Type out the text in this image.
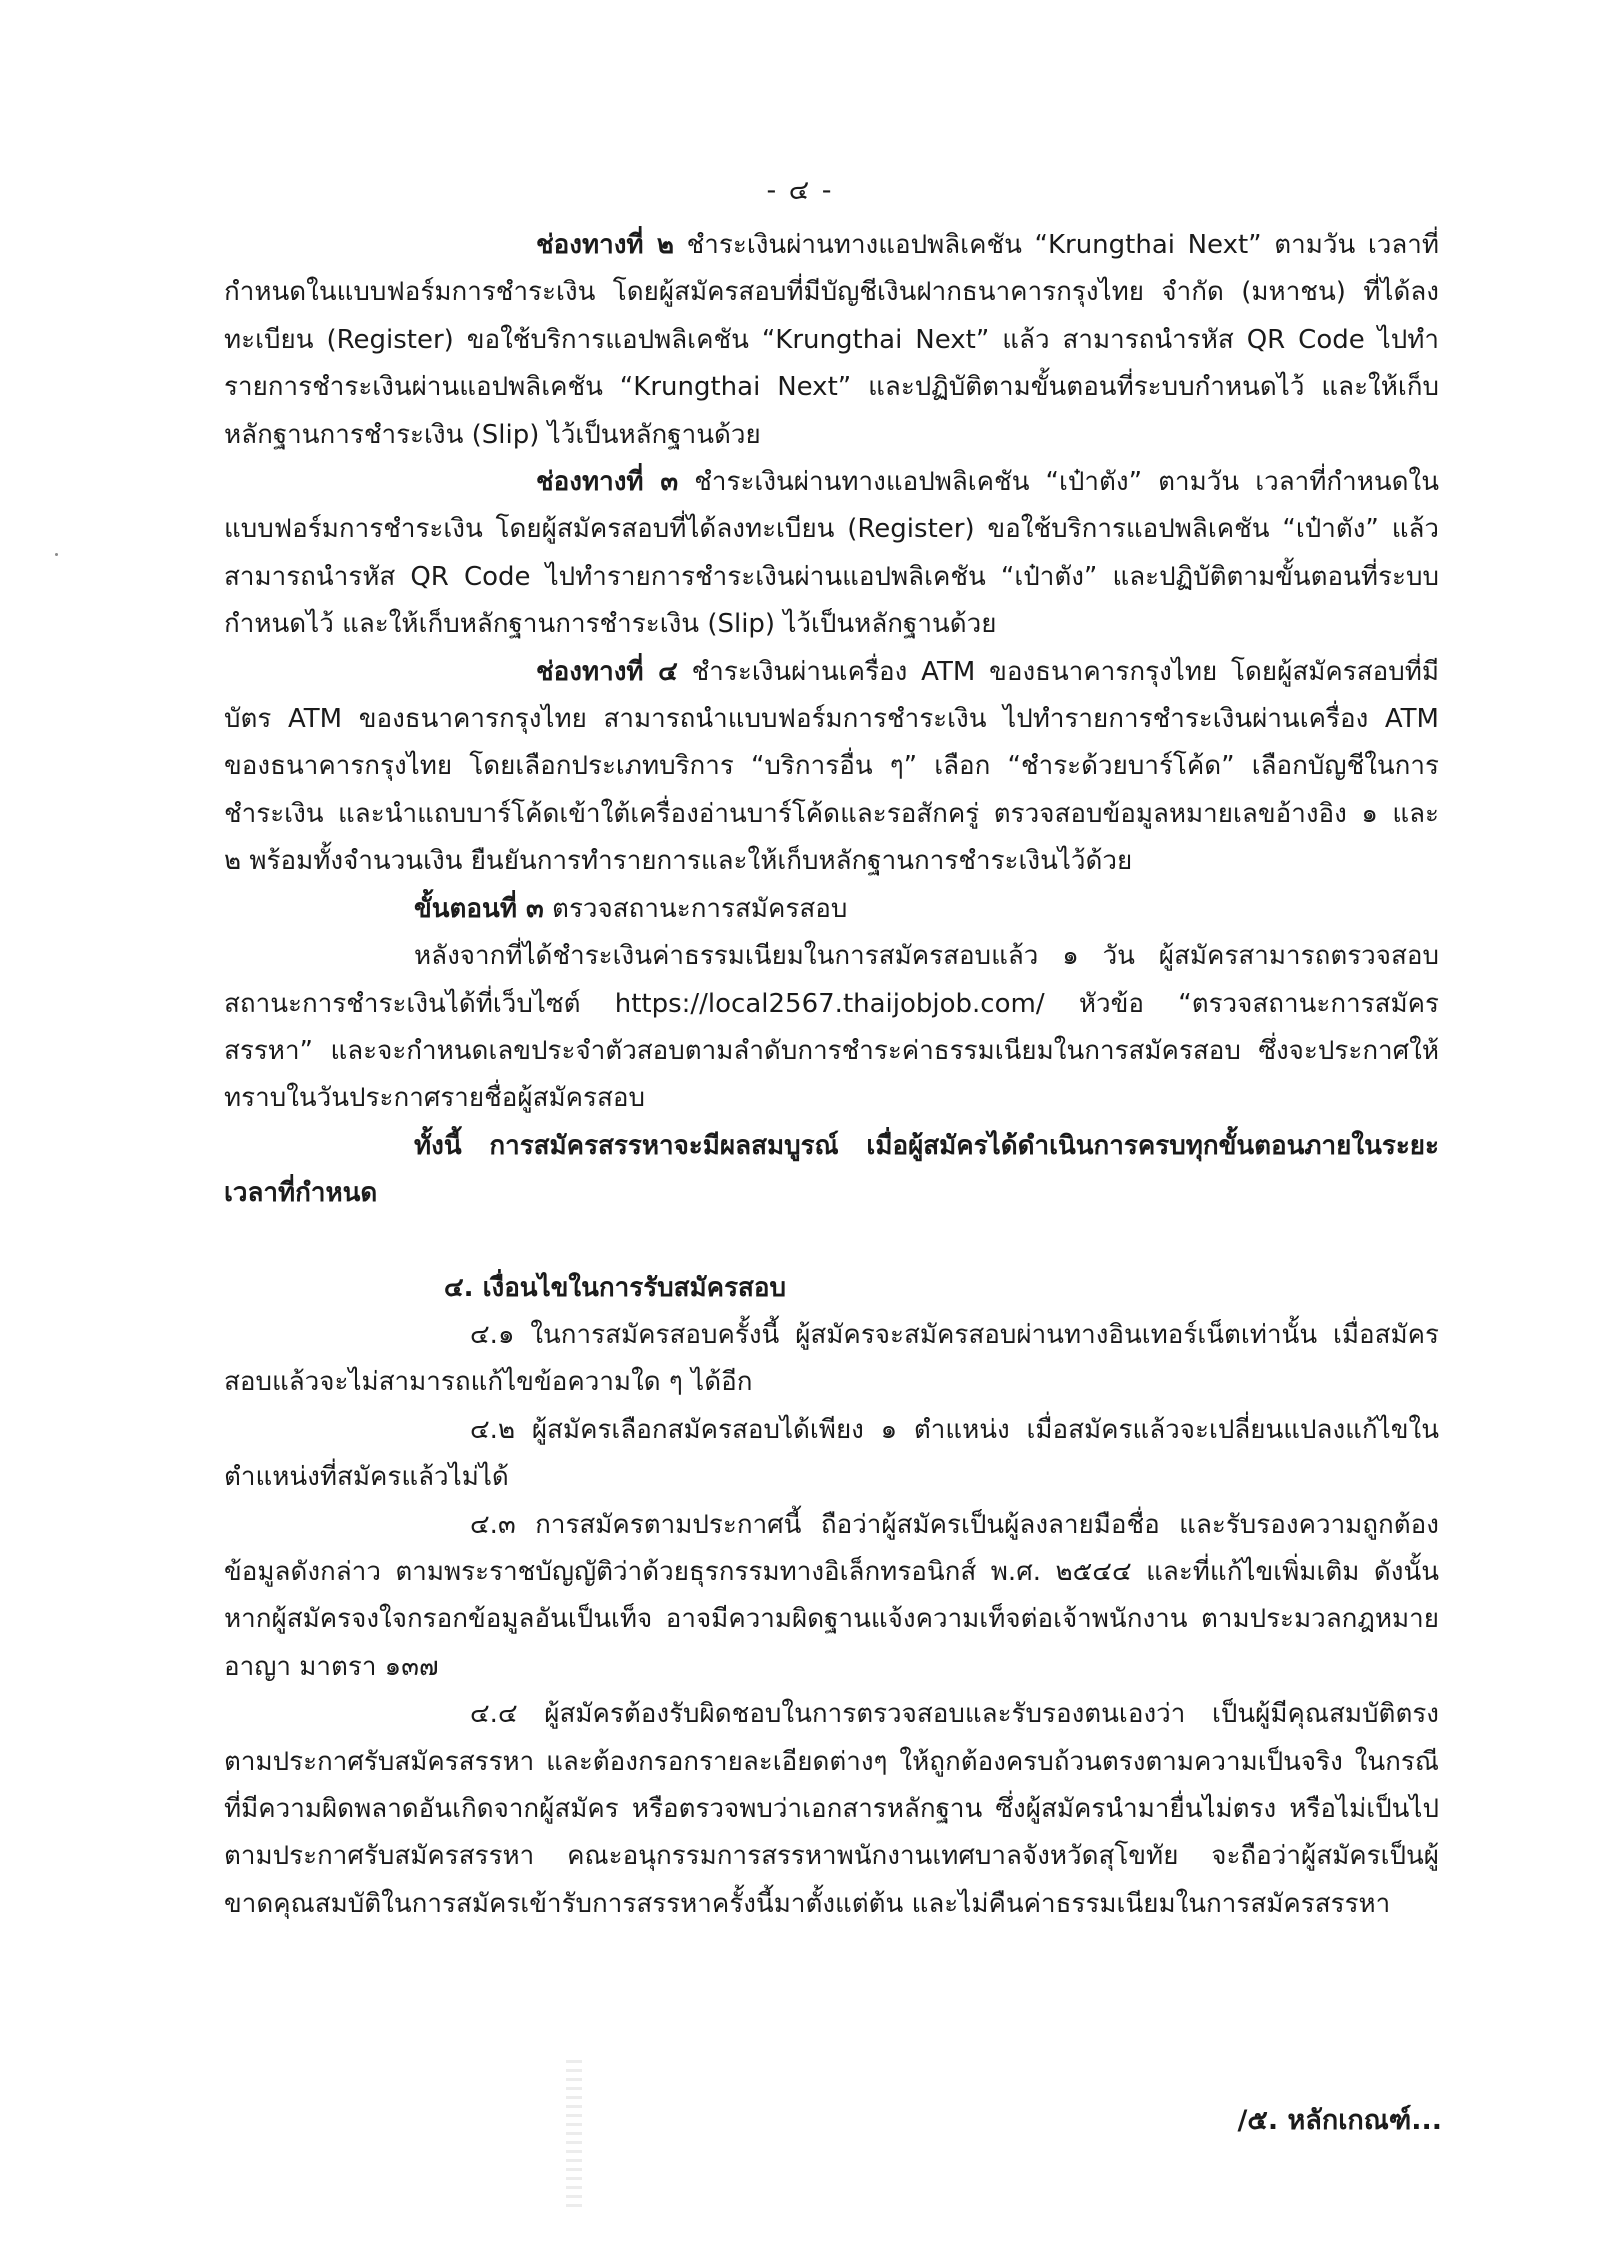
- ๔ -

ช่องทางที่ ๒ ชำระเงินผ่านทางแอปพลิเคชัน “Krungthai Next” ตามวัน เวลาที่กำหนดในแบบฟอร์มการชำระเงิน โดยผู้สมัครสอบที่มีบัญชีเงินฝากธนาคารกรุงไทย จำกัด (มหาชน) ที่ได้ลงทะเบียน (Register) ขอใช้บริการแอปพลิเคชัน “Krungthai Next” แล้ว สามารถนำรหัส QR Code ไปทำรายการชำระเงินผ่านแอปพลิเคชัน “Krungthai Next” และปฏิบัติตามขั้นตอนที่ระบบกำหนดไว้ และให้เก็บหลักฐานการชำระเงิน (Slip) ไว้เป็นหลักฐานด้วย

ช่องทางที่ ๓ ชำระเงินผ่านทางแอปพลิเคชัน “เป๋าตัง” ตามวัน เวลาที่กำหนดในแบบฟอร์มการชำระเงิน โดยผู้สมัครสอบที่ได้ลงทะเบียน (Register) ขอใช้บริการแอปพลิเคชัน “เป๋าตัง” แล้ว สามารถนำรหัส QR Code ไปทำรายการชำระเงินผ่านแอปพลิเคชัน “เป๋าตัง” และปฏิบัติตามขั้นตอนที่ระบบกำหนดไว้ และให้เก็บหลักฐานการชำระเงิน (Slip) ไว้เป็นหลักฐานด้วย

ช่องทางที่ ๔ ชำระเงินผ่านเครื่อง ATM ของธนาคารกรุงไทย โดยผู้สมัครสอบที่มีบัตร ATM ของธนาคารกรุงไทย สามารถนำแบบฟอร์มการชำระเงิน ไปทำรายการชำระเงินผ่านเครื่อง ATM ของธนาคารกรุงไทย โดยเลือกประเภทบริการ “บริการอื่น ๆ” เลือก “ชำระด้วยบาร์โค้ด” เลือกบัญชีในการชำระเงิน และนำแถบบาร์โค้ดเข้าใต้เครื่องอ่านบาร์โค้ดและรอสักครู่ ตรวจสอบข้อมูลหมายเลขอ้างอิง ๑ และ ๒ พร้อมทั้งจำนวนเงิน ยืนยันการทำรายการและให้เก็บหลักฐานการชำระเงินไว้ด้วย

ขั้นตอนที่ ๓ ตรวจสถานะการสมัครสอบ

หลังจากที่ได้ชำระเงินค่าธรรมเนียมในการสมัครสอบแล้ว ๑ วัน ผู้สมัครสามารถตรวจสอบสถานะการชำระเงินได้ที่เว็บไซต์ https://local2567.thaijobjob.com/ หัวข้อ “ตรวจสถานะการสมัครสรรหา” และจะกำหนดเลขประจำตัวสอบตามลำดับการชำระค่าธรรมเนียมในการสมัครสอบ ซึ่งจะประกาศให้ทราบในวันประกาศรายชื่อผู้สมัครสอบ

ทั้งนี้ การสมัครสรรหาจะมีผลสมบูรณ์ เมื่อผู้สมัครได้ดำเนินการครบทุกขั้นตอนภายในระยะเวลาที่กำหนด

๔. เงื่อนไขในการรับสมัครสอบ

๔.๑ ในการสมัครสอบครั้งนี้ ผู้สมัครจะสมัครสอบผ่านทางอินเทอร์เน็ตเท่านั้น เมื่อสมัครสอบแล้วจะไม่สามารถแก้ไขข้อความใด ๆ ได้อีก

๔.๒ ผู้สมัครเลือกสมัครสอบได้เพียง ๑ ตำแหน่ง เมื่อสมัครแล้วจะเปลี่ยนแปลงแก้ไขในตำแหน่งที่สมัครแล้วไม่ได้

๔.๓ การสมัครตามประกาศนี้ ถือว่าผู้สมัครเป็นผู้ลงลายมือชื่อ และรับรองความถูกต้องข้อมูลดังกล่าว ตามพระราชบัญญัติว่าด้วยธุรกรรมทางอิเล็กทรอนิกส์ พ.ศ. ๒๕๔๔ และที่แก้ไขเพิ่มเติม ดังนั้น หากผู้สมัครจงใจกรอกข้อมูลอันเป็นเท็จ อาจมีความผิดฐานแจ้งความเท็จต่อเจ้าพนักงาน ตามประมวลกฎหมายอาญา มาตรา ๑๓๗

๔.๔ ผู้สมัครต้องรับผิดชอบในการตรวจสอบและรับรองตนเองว่า เป็นผู้มีคุณสมบัติตรงตามประกาศรับสมัครสรรหา และต้องกรอกรายละเอียดต่างๆ ให้ถูกต้องครบถ้วนตรงตามความเป็นจริง ในกรณีที่มีความผิดพลาดอันเกิดจากผู้สมัคร หรือตรวจพบว่าเอกสารหลักฐาน ซึ่งผู้สมัครนำมายื่นไม่ตรง หรือไม่เป็นไปตามประกาศรับสมัครสรรหา คณะอนุกรรมการสรรหาพนักงานเทศบาลจังหวัดสุโขทัย จะถือว่าผู้สมัครเป็นผู้ขาดคุณสมบัติในการสมัครเข้ารับการสรรหาครั้งนี้มาตั้งแต่ต้น และไม่คืนค่าธรรมเนียมในการสมัครสรรหา

/๕. หลักเกณฑ์...
